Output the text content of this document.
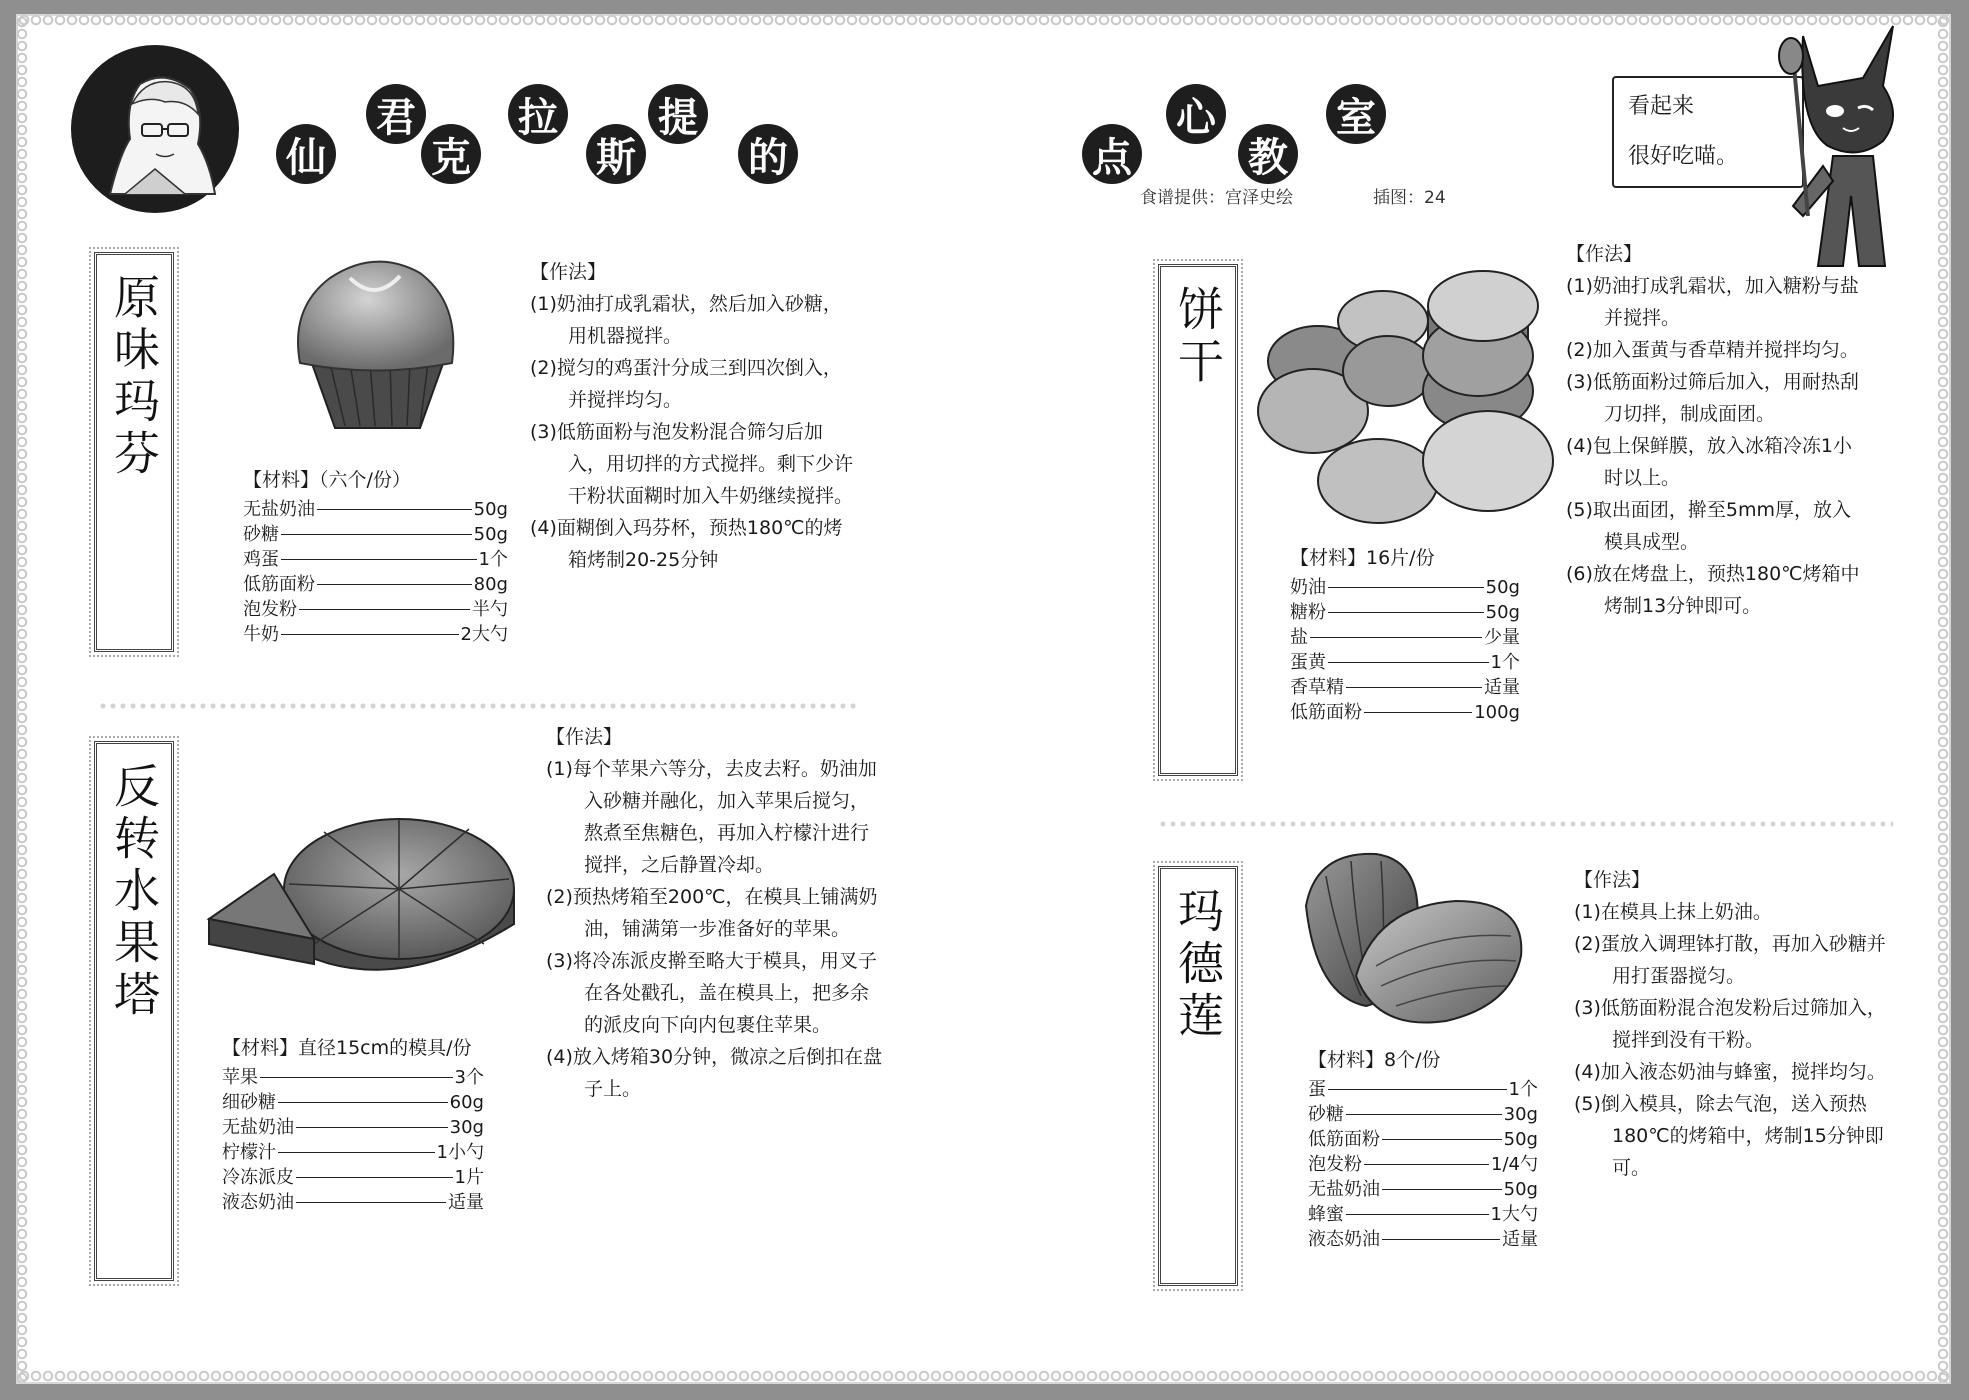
仙
君
克
拉
斯
提
的	点
心
教
室
食谱提供：宫泽史绘	插图：24
看起来
很好吃喵。
原味玛芬	【材料】（六个/份）
无盐奶油	50g
砂糖	50g
鸡蛋	1个
低筋面粉	80g
泡发粉	半勺
牛奶	2大勺
【作法】
(1)奶油打成乳霜状，然后加入砂糖，用机器搅拌。
(2)搅匀的鸡蛋汁分成三到四次倒入，并搅拌均匀。
(3)低筋面粉与泡发粉混合筛匀后加入，用切拌的方式搅拌。剩下少许干粉状面糊时加入牛奶继续搅拌。
(4)面糊倒入玛芬杯，预热180℃的烤箱烤制20-25分钟
反转水果塔
【材料】直径15cm的模具/份
苹果	3个
细砂糖	60g
无盐奶油	30g
柠檬汁	1小勺
冷冻派皮	1片
液态奶油	适量
【作法】
(1)每个苹果六等分，去皮去籽。奶油加入砂糖并融化，加入苹果后搅匀，熬煮至焦糖色，再加入柠檬汁进行搅拌，之后静置冷却。
(2)预热烤箱至200℃，在模具上铺满奶油，铺满第一步准备好的苹果。
(3)将冷冻派皮擀至略大于模具，用叉子在各处戳孔，盖在模具上，把多余的派皮向下向内包裹住苹果。
(4)放入烤箱30分钟，微凉之后倒扣在盘子上。
饼干
【材料】16片/份
奶油	50g
糖粉	50g
盐	少量
蛋黄	1个
香草精	适量
低筋面粉	100g
【作法】
(1)奶油打成乳霜状，加入糖粉与盐并搅拌。
(2)加入蛋黄与香草精并搅拌均匀。
(3)低筋面粉过筛后加入，用耐热刮刀切拌，制成面团。
(4)包上保鲜膜，放入冰箱冷冻1小时以上。
(5)取出面团，擀至5mm厚，放入模具成型。
(6)放在烤盘上，预热180℃烤箱中烤制13分钟即可。
玛德莲
【材料】8个/份
蛋	1个
砂糖	30g
低筋面粉	50g
泡发粉	1/4勺
无盐奶油	50g
蜂蜜	1大勺
液态奶油	适量
【作法】
(1)在模具上抹上奶油。
(2)蛋放入调理钵打散，再加入砂糖并用打蛋器搅匀。
(3)低筋面粉混合泡发粉后过筛加入，搅拌到没有干粉。
(4)加入液态奶油与蜂蜜，搅拌均匀。
(5)倒入模具，除去气泡，送入预热180℃的烤箱中，烤制15分钟即可。
